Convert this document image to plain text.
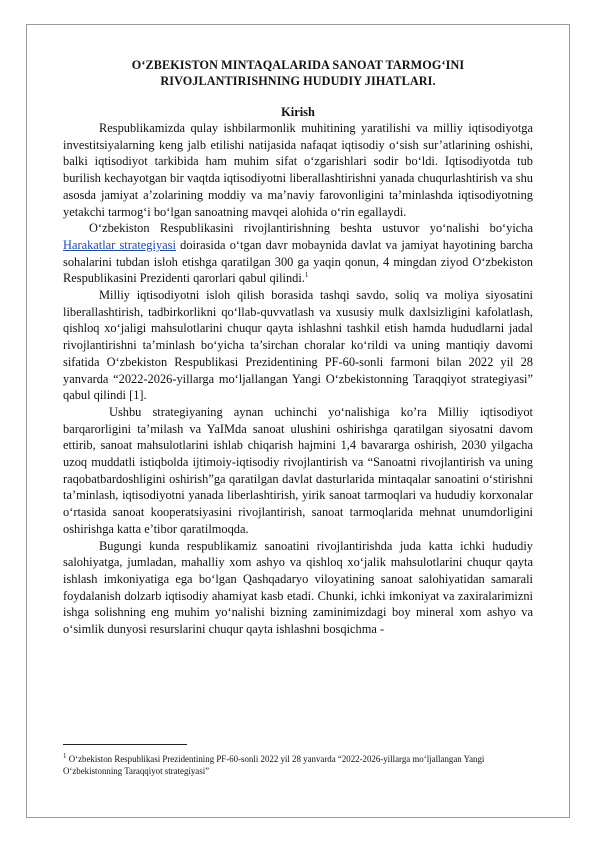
O‘ZBEKISTON MINTAQALARIDA SANOAT TARMOG‘INI
RIVOJLANTIRISHNING HUDUDIY JIHATLARI.
Kirish

Respublikamizda qulay ishbilarmonlik muhitining yaratilishi va milliy iqtisodiyotga investitsiyalarning keng jalb etilishi natijasida nafaqat iqtisodiy o‘sish sur’atlarining oshishi, balki iqtisodiyot tarkibida ham muhim sifat o‘zgarishlari sodir bo‘ldi. Iqtisodiyotda tub burilish kechayotgan bir vaqtda iqtisodiyotni liberallashtirishni yanada chuqurlashtirish va shu asosda jamiyat a’zolarining moddiy va ma’naviy farovonligini ta’minlashda iqtisodiyotning yetakchi tarmog‘i bo‘lgan sanoatning mavqei alohida o‘rin egallaydi.

O‘zbekiston Respublikasini rivojlantirishning beshta ustuvor yo‘nalishi bo‘yicha Harakatlar strategiyasi doirasida o‘tgan davr mobaynida davlat va jamiyat hayotining barcha sohalarini tubdan isloh etishga qaratilgan 300 ga yaqin qonun, 4 mingdan ziyod O‘zbekiston Respublikasini Prezidenti qarorlari qabul qilindi.$^1$

Milliy iqtisodiyotni isloh qilish borasida tashqi savdo, soliq va moliya siyosatini liberallashtirish, tadbirkorlikni qo‘llab-quvvatlash va xususiy mulk daxlsizligini kafolatlash, qishloq xo‘jaligi mahsulotlarini chuqur qayta ishlashni tashkil etish hamda hududlarni jadal rivojlantirishni ta’minlash bo‘yicha ta’sirchan choralar ko‘rildi va uning mantiqiy davomi sifatida O‘zbekiston Respublikasi Prezidentining PF-60-sonli farmoni bilan 2022 yil 28 yanvarda “2022-2026-yillarga mo‘ljallangan Yangi O‘zbekistonning Taraqqiyot strategiyasi” qabul qilindi [1].

Ushbu strategiyaning aynan uchinchi yo‘nalishiga ko’ra Milliy iqtisodiyot barqarorligini ta’milash va YaIMda sanoat ulushini oshirishga qaratilgan siyosatni davom ettirib, sanoat mahsulotlarini ishlab chiqarish hajmini 1,4 bavararga oshirish, 2030 yilgacha uzoq muddatli istiqbolda ijtimoiy-iqtisodiy rivojlantirish va “Sanoatni rivojlantirish va uning raqobatbardoshligini oshirish”ga qaratilgan davlat dasturlarida mintaqalar sanoatini o‘stirishni ta’minlash, iqtisodiyotni yanada liberlashtirish, yirik sanoat tarmoqlari va hududiy korxonalar o‘rtasida sanoat kooperatsiyasini rivojlantirish, sanoat tarmoqlarida mehnat unumdorligini oshirishga katta e’tibor qaratilmoqda.

Bugungi kunda respublikamiz sanoatini rivojlantirishda juda katta ichki hududiy salohiyatga, jumladan, mahalliy xom ashyo va qishloq xo‘jalik mahsulotlarini chuqur qayta ishlash imkoniyatiga ega bo‘lgan Qashqadaryo viloyatining sanoat salohiyatidan samarali foydalanish dolzarb iqtisodiy ahamiyat kasb etadi. Chunki, ichki imkoniyat va zaxiralarimizni ishga solishning eng muhim yo‘nalishi bizning zaminimizdagi boy mineral xom ashyo va o‘simlik dunyosi resurslarini chuqur qayta ishlashni bosqichma -

$^1$ O‘zbekiston Respublikasi Prezidentining PF-60-sonli 2022 yil 28 yanvarda “2022-2026-yillarga mo‘ljallangan Yangi O‘zbekistonning Taraqqiyot strategiyasi”
